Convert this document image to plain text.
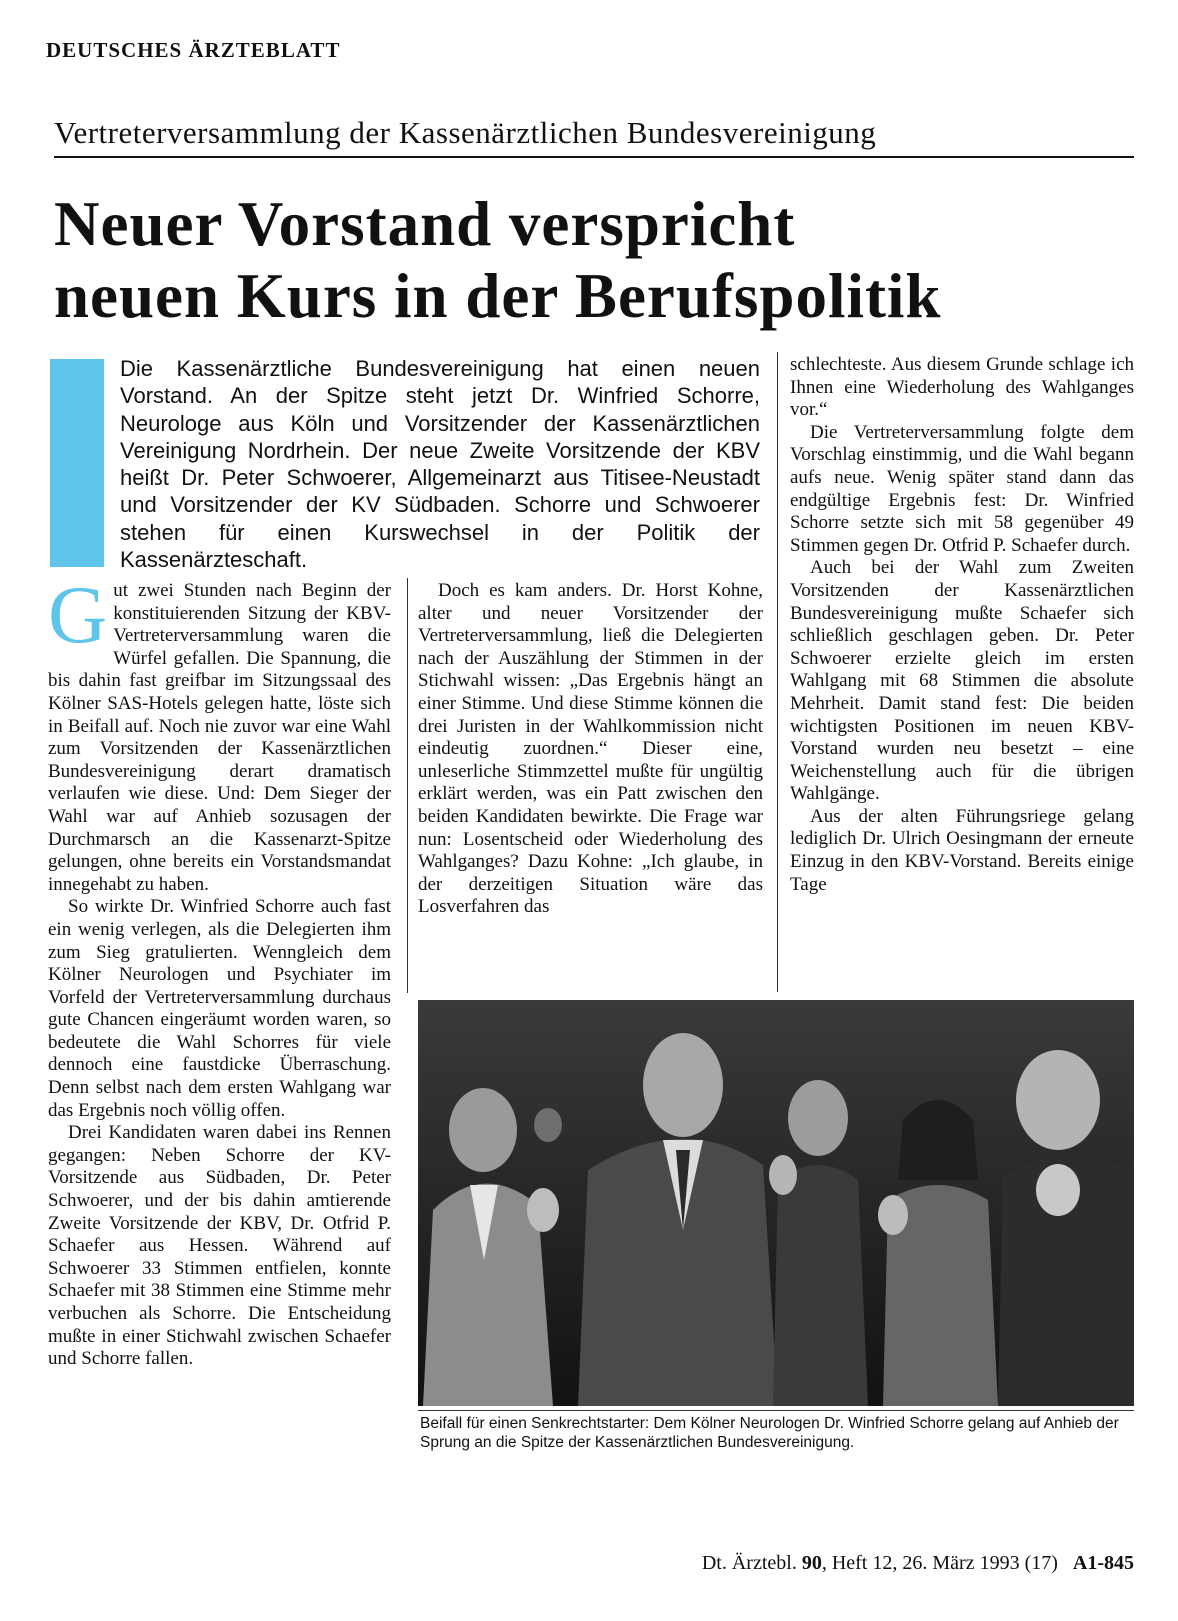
DEUTSCHES ÄRZTEBLATT
Vertreterversammlung der Kassenärztlichen Bundesvereinigung
Neuer Vorstand verspricht
neuen Kurs in der Berufspolitik
Die Kassenärztliche Bundesvereinigung hat einen neuen Vorstand. An der Spitze steht jetzt Dr. Winfried Schorre, Neurologe aus Köln und Vorsitzender der Kassenärztlichen Vereinigung Nordrhein. Der neue Zweite Vorsitzende der KBV heißt Dr. Peter Schwoerer, Allgemeinarzt aus Titisee-Neustadt und Vorsitzender der KV Südbaden. Schorre und Schwoerer stehen für einen Kurswechsel in der Politik der Kassenärzteschaft.

Gut zwei Stunden nach Beginn der konstituierenden Sitzung der KBV-Vertreterversammlung waren die Würfel gefallen. Die Spannung, die bis dahin fast greifbar im Sitzungssaal des Kölner SAS-Hotels gelegen hatte, löste sich in Beifall auf. Noch nie zuvor war eine Wahl zum Vorsitzenden der Kassenärztlichen Bundesvereinigung derart dramatisch verlaufen wie diese. Und: Dem Sieger der Wahl war auf Anhieb sozusagen der Durchmarsch an die Kassenarzt-Spitze gelungen, ohne bereits ein Vorstandsmandat innegehabt zu haben.

So wirkte Dr. Winfried Schorre auch fast ein wenig verlegen, als die Delegierten ihm zum Sieg gratulierten. Wenngleich dem Kölner Neurologen und Psychiater im Vorfeld der Vertreterversammlung durchaus gute Chancen eingeräumt worden waren, so bedeutete die Wahl Schorres für viele dennoch eine faustdicke Überraschung. Denn selbst nach dem ersten Wahlgang war das Ergebnis noch völlig offen.

Drei Kandidaten waren dabei ins Rennen gegangen: Neben Schorre der KV-Vorsitzende aus Südbaden, Dr. Peter Schwoerer, und der bis dahin amtierende Zweite Vorsitzende der KBV, Dr. Otfrid P. Schaefer aus Hessen. Während auf Schwoerer 33 Stimmen entfielen, konnte Schaefer mit 38 Stimmen eine Stimme mehr verbuchen als Schorre. Die Entscheidung mußte in einer Stichwahl zwischen Schaefer und Schorre fallen.

Doch es kam anders. Dr. Horst Kohne, alter und neuer Vorsitzender der Vertreterversammlung, ließ die Delegierten nach der Auszählung der Stimmen in der Stichwahl wissen: „Das Ergebnis hängt an einer Stimme. Und diese Stimme können die drei Juristen in der Wahlkommission nicht eindeutig zuordnen.“ Dieser eine, unleserliche Stimmzettel mußte für ungültig erklärt werden, was ein Patt zwischen den beiden Kandidaten bewirkte. Die Frage war nun: Losentscheid oder Wiederholung des Wahlganges? Dazu Kohne: „Ich glaube, in der derzeitigen Situation wäre das Losverfahren das

schlechteste. Aus diesem Grunde schlage ich Ihnen eine Wiederholung des Wahlganges vor.“

Die Vertreterversammlung folgte dem Vorschlag einstimmig, und die Wahl begann aufs neue. Wenig später stand dann das endgültige Ergebnis fest: Dr. Winfried Schorre setzte sich mit 58 gegenüber 49 Stimmen gegen Dr. Otfrid P. Schaefer durch.

Auch bei der Wahl zum Zweiten Vorsitzenden der Kassenärztlichen Bundesvereinigung mußte Schaefer sich schließlich geschlagen geben. Dr. Peter Schwoerer erzielte gleich im ersten Wahlgang mit 68 Stimmen die absolute Mehrheit. Damit stand fest: Die beiden wichtigsten Positionen im neuen KBV-Vorstand wurden neu besetzt – eine Weichenstellung auch für die übrigen Wahlgänge.

Aus der alten Führungsriege gelang lediglich Dr. Ulrich Oesingmann der erneute Einzug in den KBV-Vorstand. Bereits einige Tage

Beifall für einen Senkrechtstarter: Dem Kölner Neurologen Dr. Winfried Schorre gelang auf Anhieb der Sprung an die Spitze der Kassenärztlichen Bundesvereinigung.
Dt. Ärztebl. 90, Heft 12, 26. März 1993 (17) A1-845
